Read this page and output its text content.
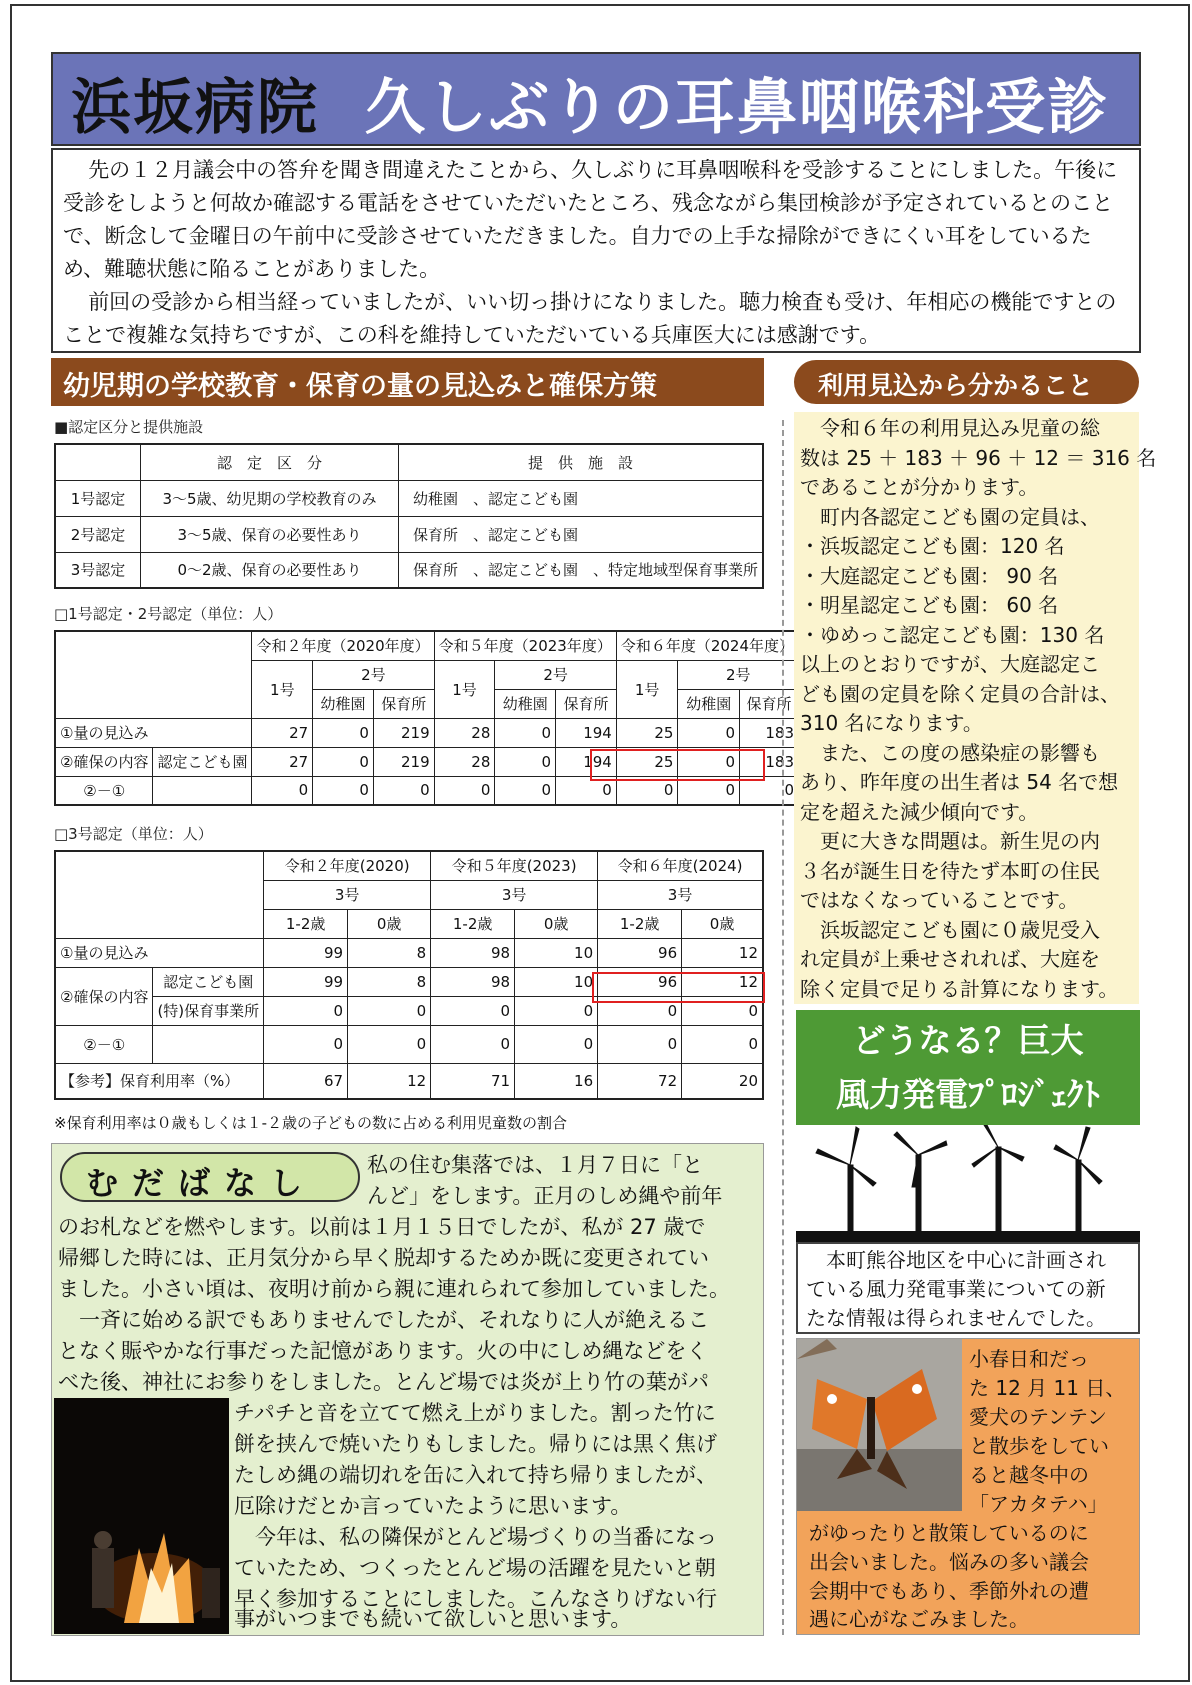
浜坂病院 久しぶりの耳鼻咽喉科受診

先の１２月議会中の答弁を聞き間違えたことから、久しぶりに耳鼻咽喉科を受診することにしました。午後に受診をしようと何故か確認する電話をさせていただいたところ、残念ながら集団検診が予定されているとのことで、断念して金曜日の午前中に受診させていただきました。自力での上手な掃除ができにくい耳をしているため、難聴状態に陥ることがありました。

前回の受診から相当経っていましたが、いい切っ掛けになりました。聴力検査も受け、年相応の機能ですとのことで複雑な気持ちですが、この科を維持していただいている兵庫医大には感謝です。

幼児期の学校教育・保育の量の見込みと確保方策
■認定区分と提供施設
	認　定　区　分	提　供　施　設
1号認定	3～5歳、幼児期の学校教育のみ	幼稚園　、認定こども園
2号認定	3～5歳、保育の必要性あり	保育所　、認定こども園
3号認定	0～2歳、保育の必要性あり	保育所　、認定こども園　、特定地域型保育事業所
□1号認定・2号認定（単位：人）
		令和２年度（2020年度）			令和５年度（2023年度）			令和６年度（2024年度）		
		1号	2号		1号	2号		1号	2号	
			幼稚園	保育所		幼稚園	保育所		幼稚園	保育所
①量の見込み		27	0	219	28	0	194	25	0	183
②確保の内容	認定こども園	27	0	219	28	0	194	25	0	183
②－①		0	0	0	0	0	0	0	0	0
□3号認定（単位：人）
		令和２年度(2020)		令和５年度(2023)		令和６年度(2024)	
		3号		3号		3号	
		1-2歳	0歳	1-2歳	0歳	1-2歳	0歳
①量の見込み		99	8	98	10	96	12
②確保の内容	認定こども園	99	8	98	10	96	12
	(特)保育事業所	0	0	0	0	0	0
②－①		0	0	0	0	0	0
【参考】保育利用率（%）		67	12	71	16	72	20
※保育利用率は０歳もしくは１-２歳の子どもの数に占める利用児童数の割合
むだばなし	私の住む集落では、１月７日に「と
んど」をします。正月のしめ縄や前年
のお札などを燃やします。以前は１月１５日でしたが、私が 27 歳で
帰郷した時には、正月気分から早く脱却するためか既に変更されてい
ました。小さい頃は、夜明け前から親に連れられて参加していました。
　一斉に始める訳でもありませんでしたが、それなりに人が絶えるこ
となく賑やかな行事だった記憶があります。火の中にしめ縄などをく
べた後、神社にお参りをしました。とんど場では炎が上り竹の葉がパ
チパチと音を立てて燃え上がりました。割った竹に
餅を挟んで焼いたりもしました。帰りには黒く焦げ
たしめ縄の端切れを缶に入れて持ち帰りましたが、
厄除けだとか言っていたように思います。
　今年は、私の隣保がとんど場づくりの当番になっ
ていたため、つくったとんど場の活躍を見たいと朝
早く参加することにしました。こんなさりげない行
事がいつまでも続いて欲しいと思います。
利用見込から分かること

　令和６年の利用見込み児童の総

数は 25 ＋ 183 ＋ 96 ＋ 12 ＝ 316 名

であることが分かります。

　町内各認定こども園の定員は、

・浜坂認定こども園：120 名

・大庭認定こども園： 90 名

・明星認定こども園： 60 名

・ゆめっこ認定こども園：130 名

以上のとおりですが、大庭認定こ

ども園の定員を除く定員の合計は、

310 名になります。

　また、この度の感染症の影響も

あり、昨年度の出生者は 54 名で想

定を超えた減少傾向です。

　更に大きな問題は。新生児の内

３名が誕生日を待たず本町の住民

ではなくなっていることです。

　浜坂認定こども園に０歳児受入

れ定員が上乗せされれば、大庭を

除く定員で足りる計算になります。

どうなる？巨大
風力発電ﾌﾟﾛｼﾞｪｸﾄ

　本町熊谷地区を中心に計画され

ている風力発電事業についての新

たな情報は得られませんでした。

小春日和だっ
た 12 月 11 日、
愛犬のテンテン
と散歩をしてい
ると越冬中の
「アカタテハ」
がゆったりと散策しているのに
出会いました。悩みの多い議会
会期中でもあり、季節外れの遭
遇に心がなごみました。
